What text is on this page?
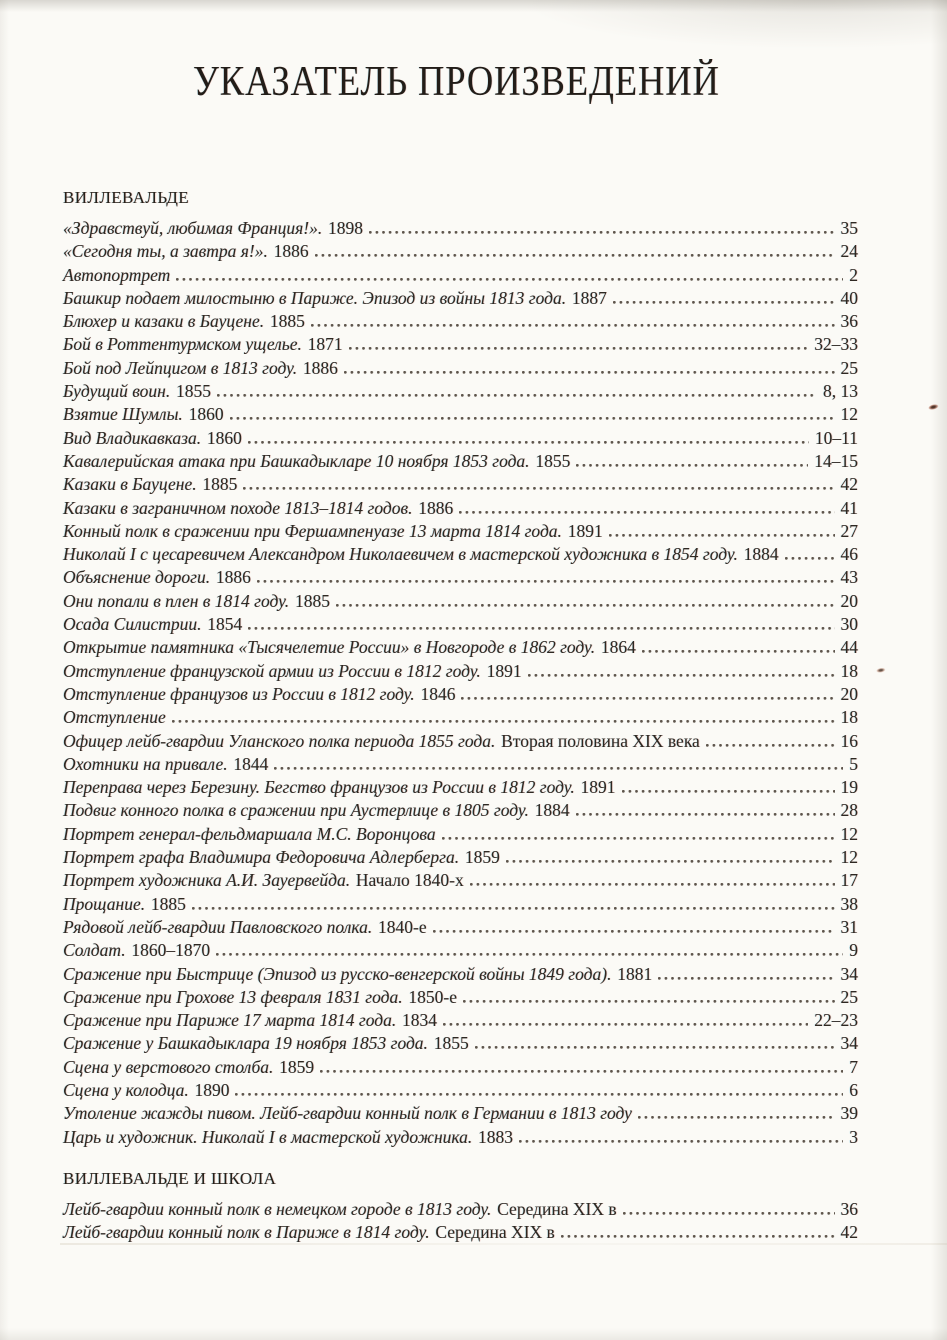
УКАЗАТЕЛЬ ПРОИЗВЕДЕНИЙ
ВИЛЛЕВАЛЬДЕ
«Здравствуй, любимая Франция!». 1898	35
«Сегодня ты, а завтра я!». 1886	24
Автопортрет	2
Башкир подает милостыню в Париже. Эпизод из войны 1813 года. 1887	40
Блюхер и казаки в Бауцене. 1885	36
Бой в Роттентурмском ущелье. 1871	32–33
Бой под Лейпцигом в 1813 году. 1886	25
Будущий воин. 1855	8, 13
Взятие Шумлы. 1860	12
Вид Владикавказа. 1860	10–11
Кавалерийская атака при Башкадыкларе 10 ноября 1853 года. 1855	14–15
Казаки в Бауцене. 1885	42
Казаки в заграничном походе 1813–1814 годов. 1886	41
Конный полк в сражении при Фершампенуазе 13 марта 1814 года. 1891	27
Николай I с цесаревичем Александром Николаевичем в мастерской художника в 1854 году. 1884	46
Объяснение дороги. 1886	43
Они попали в плен в 1814 году. 1885	20
Осада Силистрии. 1854	30
Открытие памятника «Тысячелетие России» в Новгороде в 1862 году. 1864	44
Отступление французской армии из России в 1812 году. 1891	18
Отступление французов из России в 1812 году. 1846	20
Отступление	18
Офицер лейб-гвардии Уланского полка периода 1855 года. Вторая половина XIX века	16
Охотники на привале. 1844	5
Переправа через Березину. Бегство французов из России в 1812 году. 1891	19
Подвиг конного полка в сражении при Аустерлице в 1805 году. 1884	28
Портрет генерал-фельдмаршала М.С. Воронцова	12
Портрет графа Владимира Федоровича Адлерберга. 1859	12
Портрет художника А.И. Зауервейда. Начало 1840-х	17
Прощание. 1885	38
Рядовой лейб-гвардии Павловского полка. 1840-е	31
Солдат. 1860–1870	9
Сражение при Быстрице (Эпизод из русско-венгерской войны 1849 года). 1881	34
Сражение при Грохове 13 февраля 1831 года. 1850-е	25
Сражение при Париже 17 марта 1814 года. 1834	22–23
Сражение у Башкадыклара 19 ноября 1853 года. 1855	34
Сцена у верстового столба. 1859	7
Сцена у колодца. 1890	6
Утоление жажды пивом. Лейб-гвардии конный полк в Германии в 1813 году	39
Царь и художник. Николай I в мастерской художника. 1883	3
ВИЛЛЕВАЛЬДЕ И ШКОЛА
Лейб-гвардии конный полк в немецком городе в 1813 году. Середина XIX в	36
Лейб-гвардии конный полк в Париже в 1814 году. Середина XIX в	42
